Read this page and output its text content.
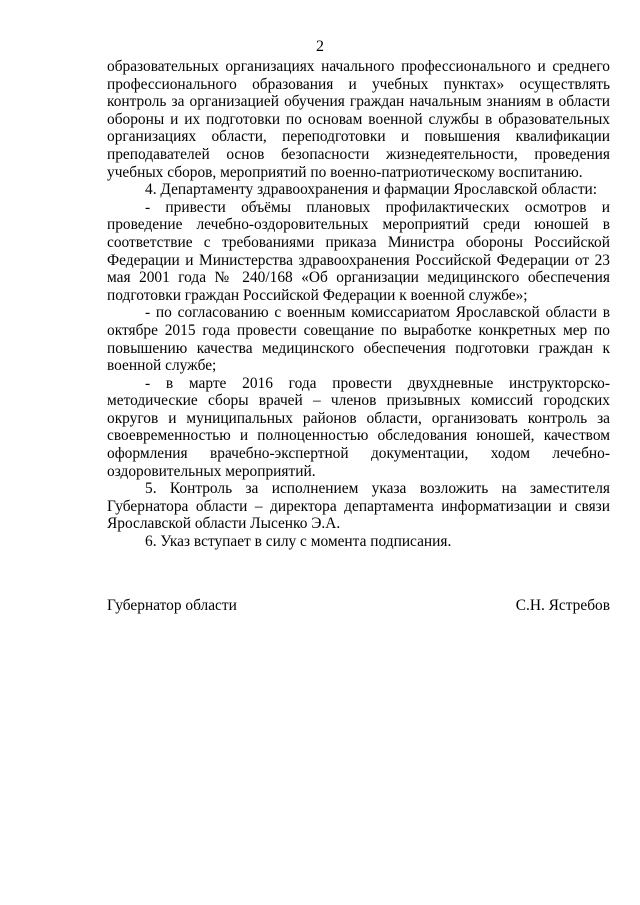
2

образовательных организациях начального профессионального и среднего профессионального образования и учебных пунктах» осуществлять контроль за организацией обучения граждан начальным знаниям в области обороны и их подготовки по основам военной службы в образовательных организациях области, переподготовки и повышения квалификации преподавателей основ безопасности жизнедеятельности, проведения учебных сборов, мероприятий по военно-патриотическому воспитанию.

4. Департаменту здравоохранения и фармации Ярославской области:

- привести объёмы плановых профилактических осмотров и проведение лечебно-оздоровительных мероприятий среди юношей в соответствие с требованиями приказа Министра обороны Российской Федерации и Министерства здравоохранения Российской Федерации от 23 мая 2001 года № 240/168 «Об организации медицинского обеспечения подготовки граждан Российской Федерации к военной службе»;

- по согласованию с военным комиссариатом Ярославской области в октябре 2015 года провести совещание по выработке конкретных мер по повышению качества медицинского обеспечения подготовки граждан к военной службе;

- в марте 2016 года провести двухдневные инструкторско-методические сборы врачей – членов призывных комиссий городских округов и муниципальных районов области, организовать контроль за своевременностью и полноценностью обследования юношей, качеством оформления врачебно-экспертной документации, ходом лечебно-оздоровительных мероприятий.

5. Контроль за исполнением указа возложить на заместителя Губернатора области – директора департамента информатизации и связи Ярославской области Лысенко Э.А.

6. Указ вступает в силу с момента подписания.

Губернатор области	С.Н. Ястребов
